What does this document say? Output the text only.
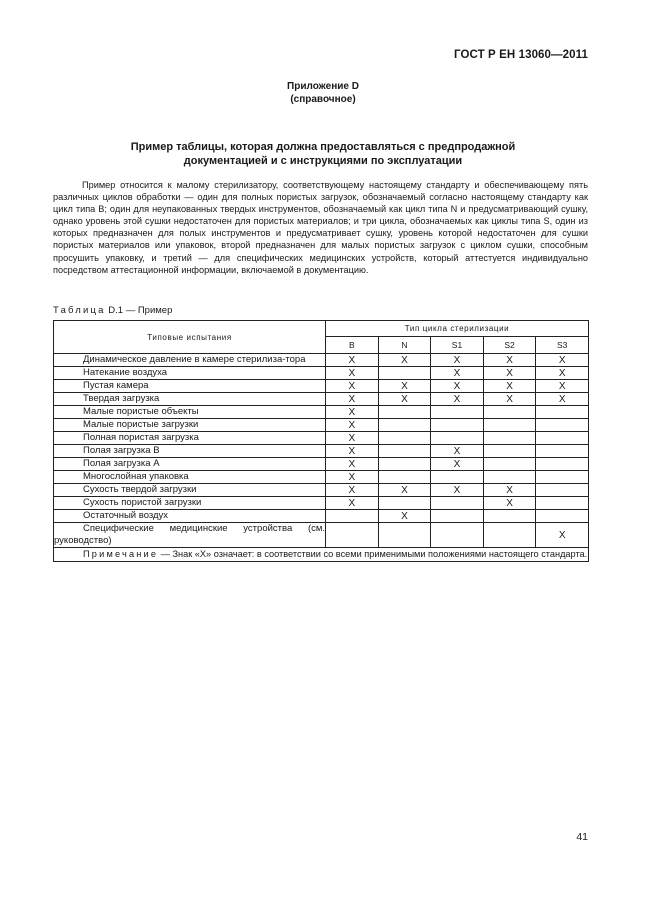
ГОСТ Р ЕН 13060—2011
Приложение D
(справочное)
Пример таблицы, которая должна предоставляться с предпродажной
документацией и с инструкциями по эксплуатации
Пример относится к малому стерилизатору, соответствующему настоящему стандарту и обеспечивающему пять различных циклов обработки — один для полных пористых загрузок, обозначаемый согласно настоящему стандарту как цикл типа B; один для неупакованных твердых инструментов, обозначаемый как цикл типа N и предусматривающий сушку, однако уровень этой сушки недостаточен для пористых материалов; и три цикла, обозначаемых как циклы типа S, один из которых предназначен для полых инструментов и предусматривает сушку, уровень которой недостаточен для сушки пористых материалов или упаковок, второй предназначен для малых пористых загрузок с циклом сушки, способным просушить упаковку, и третий — для специфических медицинских устройств, который аттестуется индивидуально посредством аттестационной информации, включаемой в документацию.
Таблица D.1 — Пример
Типовые испытания	Тип цикла стерилизации				
	B	N	S1	S2	S3

Динамическое давление в камере стерилиза-тора	X	X	X	X	X

Натекание воздуха	X		X	X	X

Пустая камера	X	X	X	X	X

Твердая загрузка	X	X	X	X	X

Малые пористые объекты	X				

Малые пористые загрузки	X				

Полная пористая загрузка	X				

Полая загрузка B	X		X		

Полая загрузка A	X		X		

Многослойная упаковка	X				

Сухость твердой загрузки	X	X	X	X	

Сухость пористой загрузки	X			X	

Остаточный воздух		X			

Специфические медицинские устройства (см. руководство)					X
Примечание — Знак «X» означает: в соответствии со всеми применимыми положениями настоящего стандарта.					
41
